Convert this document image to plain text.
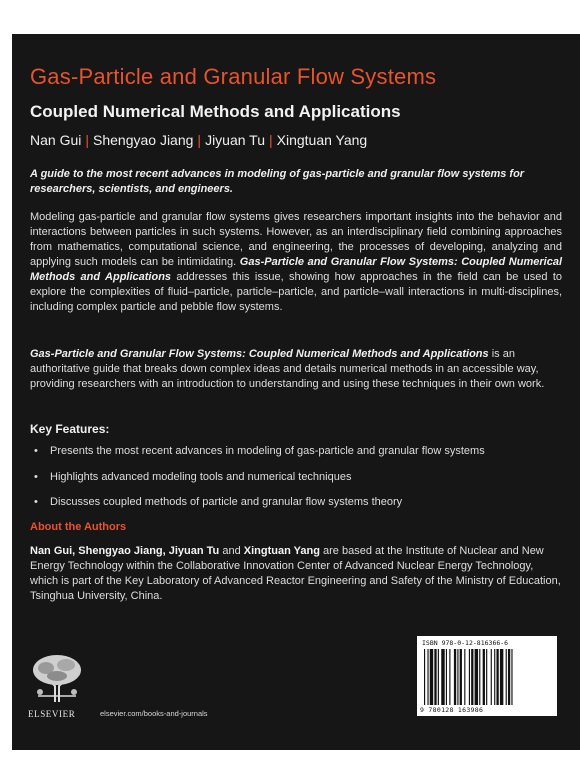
Gas-Particle and Granular Flow Systems
Coupled Numerical Methods and Applications
Nan Gui | Shengyao Jiang | Jiyuan Tu | Xingtuan Yang
A guide to the most recent advances in modeling of gas-particle and granular flow systems for researchers, scientists, and engineers.
Modeling gas-particle and granular flow systems gives researchers important insights into the behavior and interactions between particles in such systems. However, as an interdisciplinary field combining approaches from mathematics, computational science, and engineering, the processes of developing, analyzing and applying such models can be intimidating. Gas-Particle and Granular Flow Systems: Coupled Numerical Methods and Applications addresses this issue, showing how approaches in the field can be used to explore the complexities of fluid–particle, particle–particle, and particle–wall interactions in multi-disciplines, including complex particle and pebble flow systems.
Gas-Particle and Granular Flow Systems: Coupled Numerical Methods and Applications is an authoritative guide that breaks down complex ideas and details numerical methods in an accessible way, providing researchers with an introduction to understanding and using these techniques in their own work.
Key Features:
• Presents the most recent advances in modeling of gas-particle and granular flow systems
• Highlights advanced modeling tools and numerical techniques
• Discusses coupled methods of particle and granular flow systems theory
About the Authors
Nan Gui, Shengyao Jiang, Jiyuan Tu and Xingtuan Yang are based at the Institute of Nuclear and New Energy Technology within the Collaborative Innovation Center of Advanced Nuclear Energy Technology, which is part of the Key Laboratory of Advanced Reactor Engineering and Safety of the Ministry of Education, Tsinghua University, China.
ELSEVIER	elsevier.com/books-and-journals
ISBN 978-0-12-816366-6
9 780128 163986
